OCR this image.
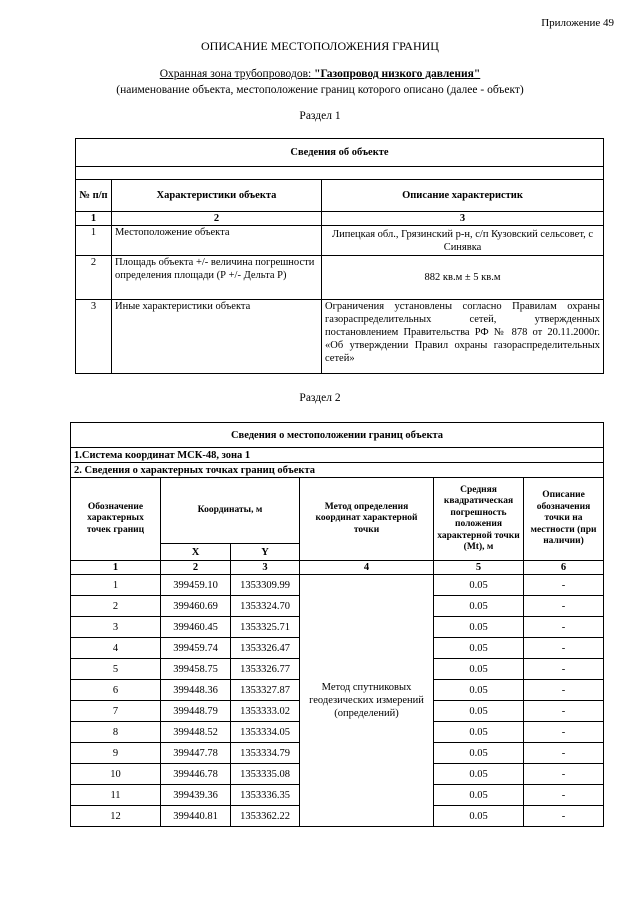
Приложение 49
ОПИСАНИЕ МЕСТОПОЛОЖЕНИЯ ГРАНИЦ
Охранная зона трубопроводов: "Газопровод низкого давления"
(наименование объекта, местоположение границ которого описано (далее - объект)
Раздел 1
Сведения об объекте		

№ п/п	Характеристики объекта	Описание характеристик
1	2	3
1	Местоположение объекта	Липецкая обл., Грязинский р-н, с/п Кузовский сельсовет, с Синявка
2	Площадь объекта +/- величина погрешности определения площади (Р +/- Дельта Р)	882 кв.м ± 5 кв.м
3	Иные характеристики объекта	Ограничения установлены согласно Правилам охраны газораспределительных сетей, утвержденных постановлением Правительства РФ № 878 от 20.11.2000г. «Об утверждении Правил охраны газораспределительных сетей»
Раздел 2
Сведения о местоположении границ объекта					
1.Система координат МСК-48, зона 1					
2. Сведения о характерных точках границ объекта					
Обозначение характерных точек границ	Координаты, м		Метод определения координат характерной точки	Средняя квадратическая погрешность положения характерной точки (Mt), м	Описание обозначения точки на местности (при наличии)
	X	Y			
1	2	3	4	5	6
1	399459.10	1353309.99	Метод спутниковых геодезических измерений (определений)	0.05	-
2	399460.69	1353324.70		0.05	-
3	399460.45	1353325.71		0.05	-
4	399459.74	1353326.47		0.05	-
5	399458.75	1353326.77		0.05	-
6	399448.36	1353327.87		0.05	-
7	399448.79	1353333.02		0.05	-
8	399448.52	1353334.05		0.05	-
9	399447.78	1353334.79		0.05	-
10	399446.78	1353335.08		0.05	-
11	399439.36	1353336.35		0.05	-
12	399440.81	1353362.22		0.05	-
